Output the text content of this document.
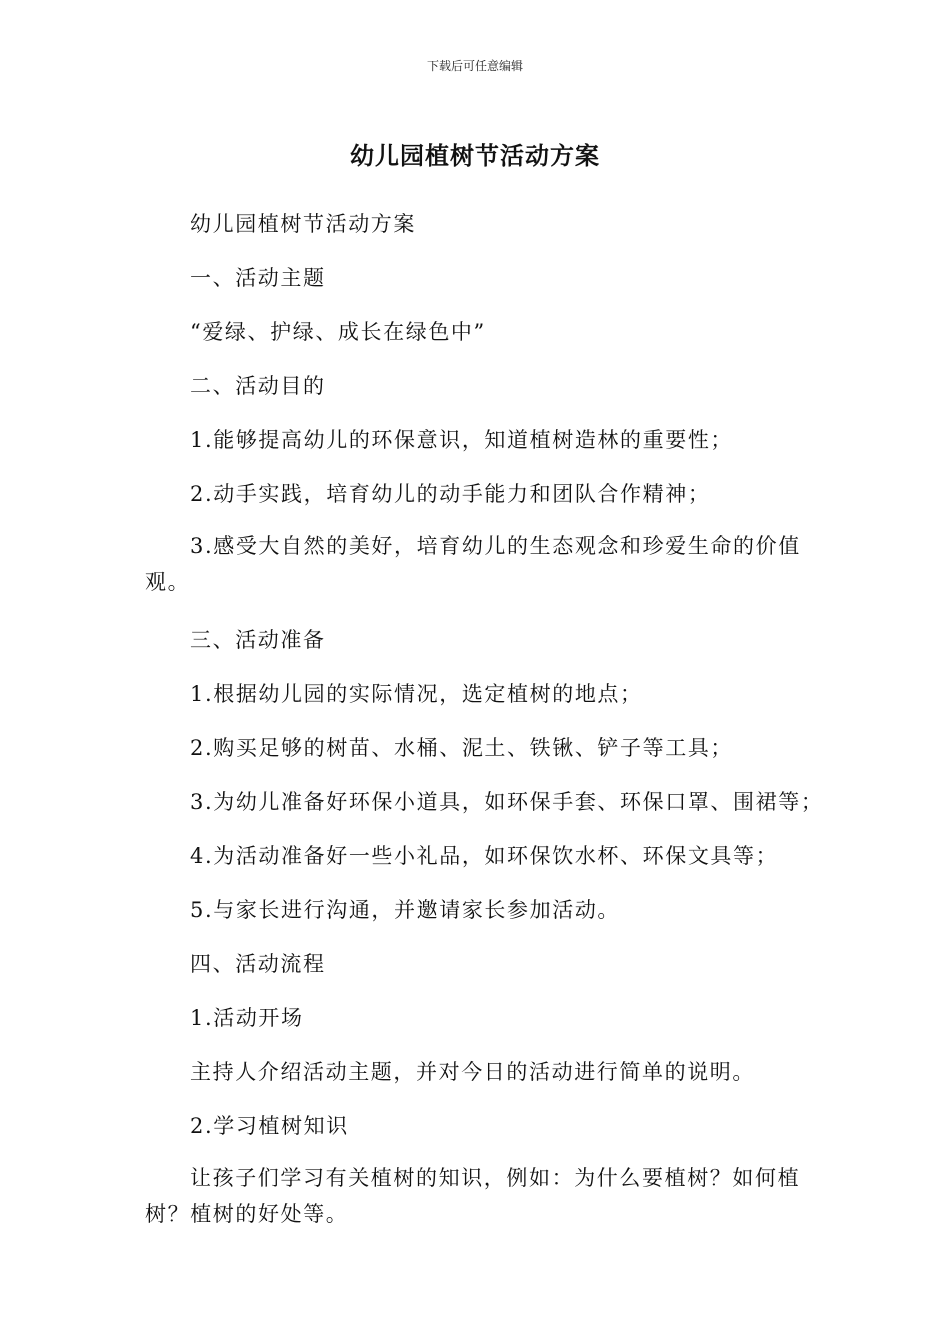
下载后可任意编辑
幼儿园植树节活动方案
幼儿园植树节活动方案
一、活动主题
“爱绿、护绿、成长在绿色中”
二、活动目的
1.能够提高幼儿的环保意识，知道植树造林的重要性；
2.动手实践，培育幼儿的动手能力和团队合作精神；
3.感受大自然的美好，培育幼儿的生态观念和珍爱生命的价值观。
三、活动准备
1.根据幼儿园的实际情况，选定植树的地点；
2.购买足够的树苗、水桶、泥土、铁锹、铲子等工具；
3.为幼儿准备好环保小道具，如环保手套、环保口罩、围裙等；
4.为活动准备好一些小礼品，如环保饮水杯、环保文具等；
5.与家长进行沟通，并邀请家长参加活动。
四、活动流程
1.活动开场
主持人介绍活动主题，并对今日的活动进行简单的说明。
2.学习植树知识
让孩子们学习有关植树的知识，例如：为什么要植树？如何植树？植树的好处等。
